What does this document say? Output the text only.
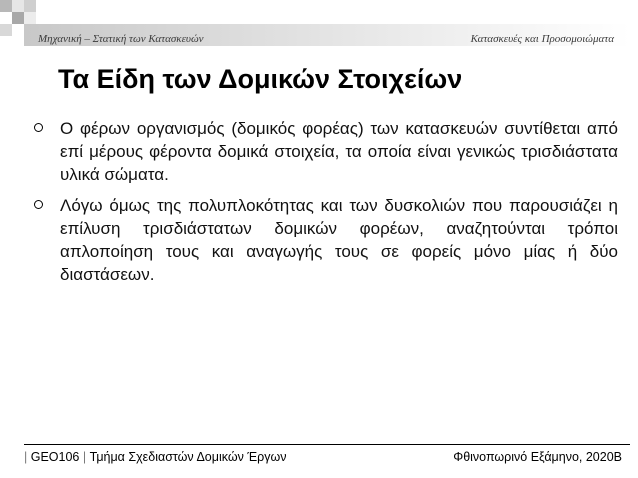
Μηχανική – Στατική των Κατασκευών	Κατασκευές και Προσομοιώματα
Τα Είδη των Δομικών Στοιχείων
Ο φέρων οργανισμός (δομικός φορέας) των κατασκευών συντίθεται από επί μέρους φέροντα δομικά στοιχεία, τα οποία είναι γενικώς τρισδιάστατα υλικά σώματα.
Λόγω όμως της πολυπλοκότητας και των δυσκολιών που παρουσιάζει η επίλυση τρισδιάστατων δομικών φορέων, αναζητούνται τρόποι απλοποίηση τους και αναγωγής τους σε φορείς μόνο μίας ή δύο διαστάσεων.
| GEO106 | Τμήμα Σχεδιαστών Δομικών Έργων	Φθινοπωρινό Εξάμηνο, 2020Β
